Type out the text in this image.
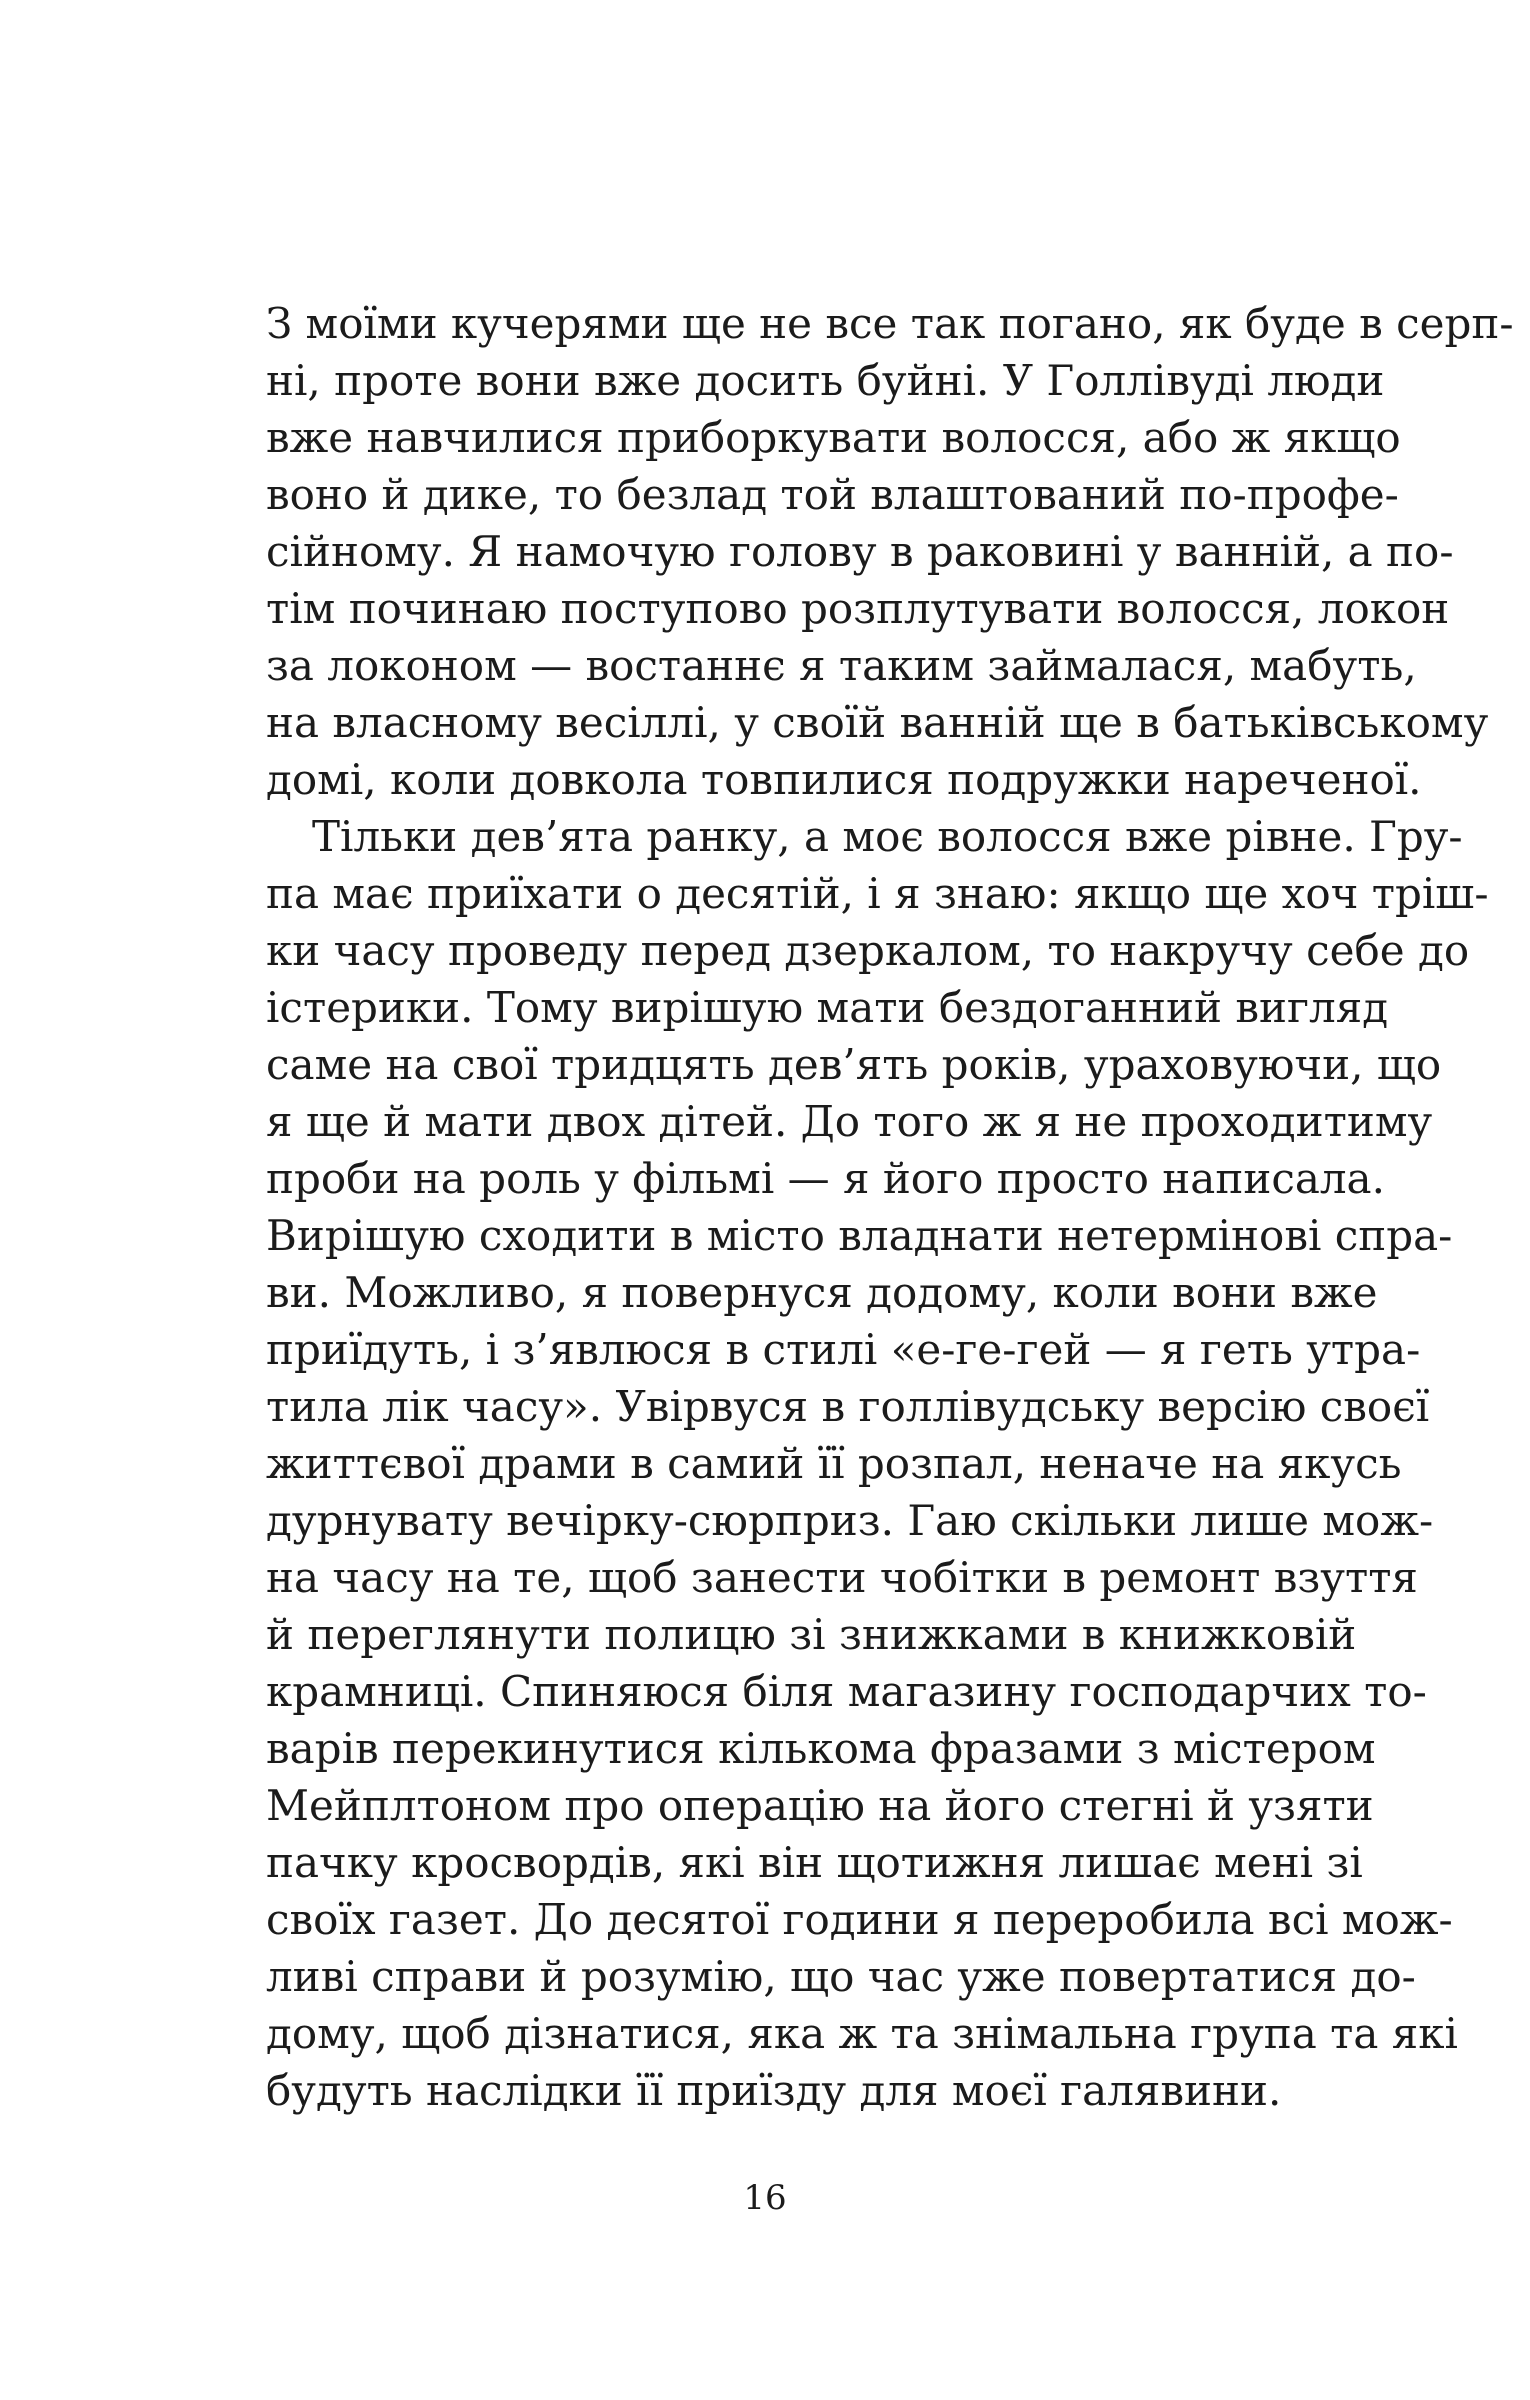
З моїми кучерями ще не все так погано, як буде в серп-
ні, проте вони вже досить буйні. У Голлівуді люди
вже навчилися приборкувати волосся, або ж якщо
воно й дике, то безлад той влаштований по-профе-
сійному. Я намочую голову в раковині у ванній, а по-
тім починаю поступово розплутувати волосся, локон
за локоном — востаннє я таким займалася, мабуть,
на власному весіллі, у своїй ванній ще в батьківському
домі, коли довкола товпилися подружки нареченої.
Тільки дев’ята ранку, а моє волосся вже рівне. Гру-
па має приїхати о десятій, і я знаю: якщо ще хоч тріш-
ки часу проведу перед дзеркалом, то накручу себе до
істерики. Тому вирішую мати бездоганний вигляд
саме на свої тридцять дев’ять років, ураховуючи, що
я ще й мати двох дітей. До того ж я не проходитиму
проби на роль у фільмі — я його просто написала.
Вирішую сходити в місто владнати нетермінові спра-
ви. Можливо, я повернуся додому, коли вони вже
приїдуть, і з’явлюся в стилі «е-ге-гей — я геть утра-
тила лік часу». Увірвуся в голлівудську версію своєї
життєвої драми в самий її розпал, неначе на якусь
дурнувату вечірку-сюрприз. Гаю скільки лише мож-
на часу на те, щоб занести чобітки в ремонт взуття
й переглянути полицю зі знижками в книжковій
крамниці. Спиняюся біля магазину господарчих то-
варів перекинутися кількома фразами з містером
Мейплтоном про операцію на його стегні й узяти
пачку кросвордів, які він щотижня лишає мені зі
своїх газет. До десятої години я переробила всі мож-
ливі справи й розумію, що час уже повертатися до-
дому, щоб дізнатися, яка ж та знімальна група та які
будуть наслідки її приїзду для моєї галявини.
16
